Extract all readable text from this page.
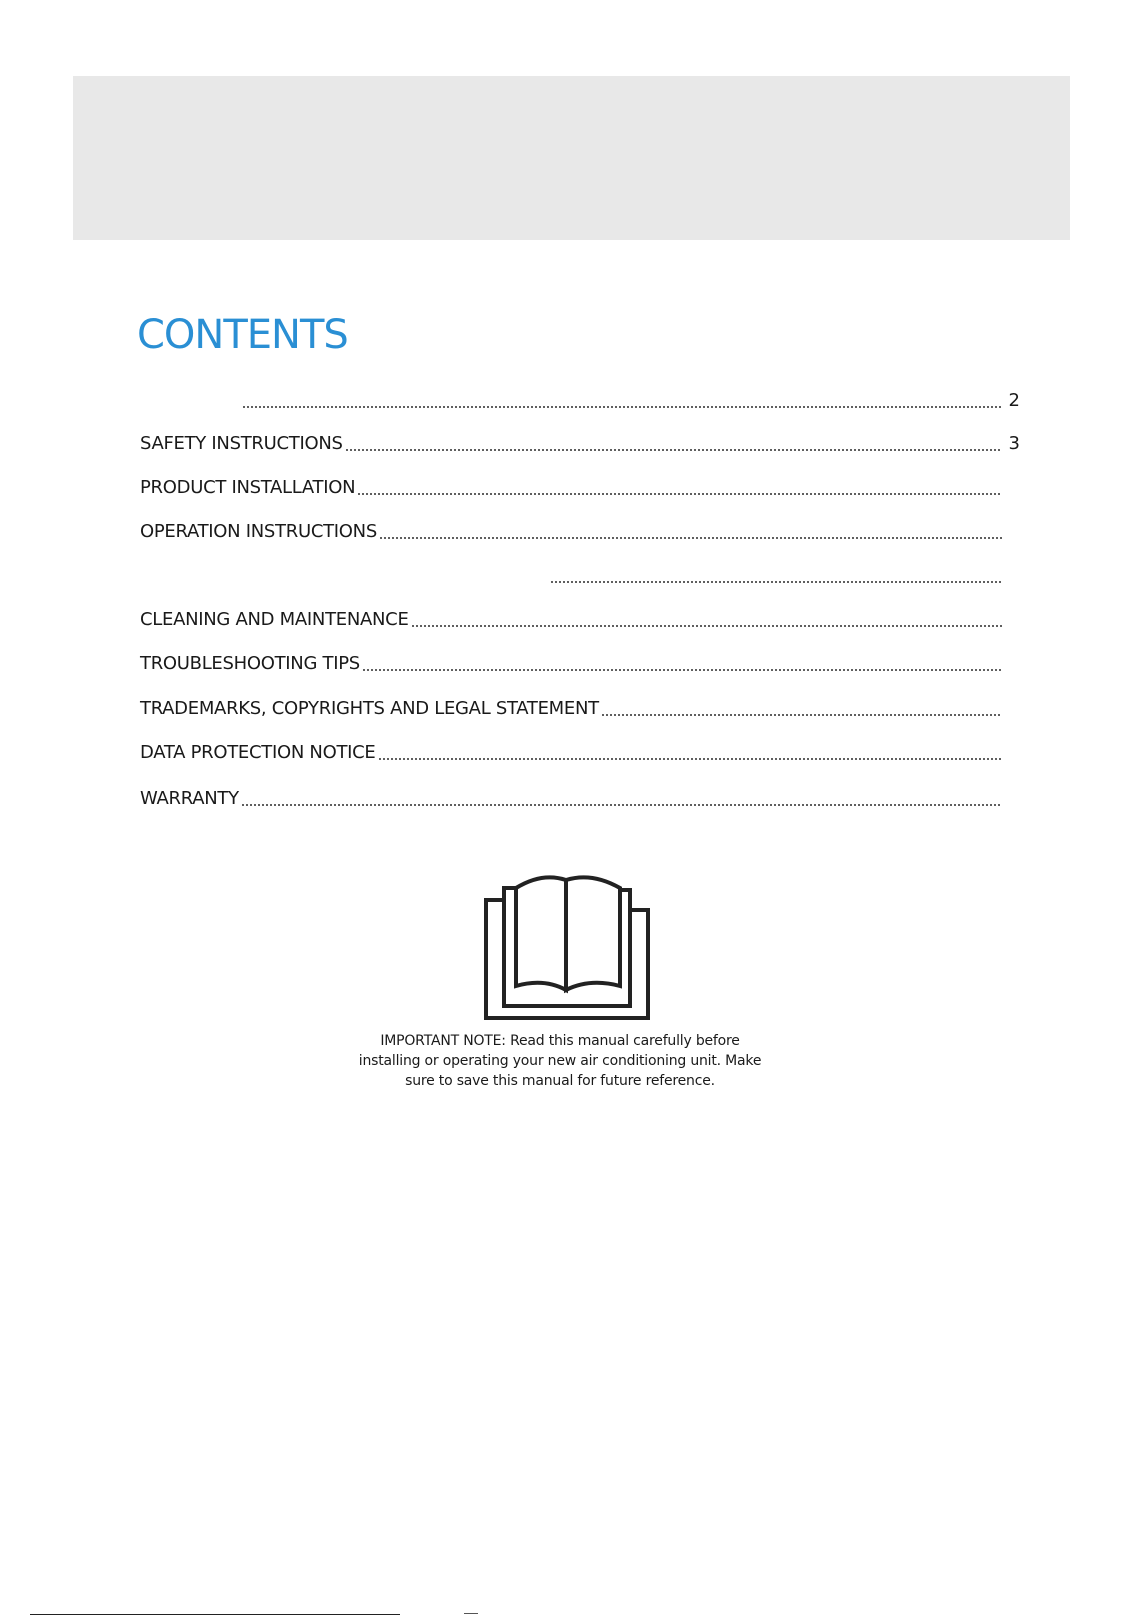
CONTENTS
2
SAFETY INSTRUCTIONS	3
PRODUCT INSTALLATION
OPERATION INSTRUCTIONS
CLEANING AND MAINTENANCE
TROUBLESHOOTING TIPS
TRADEMARKS, COPYRIGHTS AND LEGAL STATEMENT
DATA PROTECTION NOTICE
WARRANTY
IMPORTANT NOTE: Read this manual carefully before
installing or operating your new air conditioning unit. Make
sure to save this manual for future reference.
